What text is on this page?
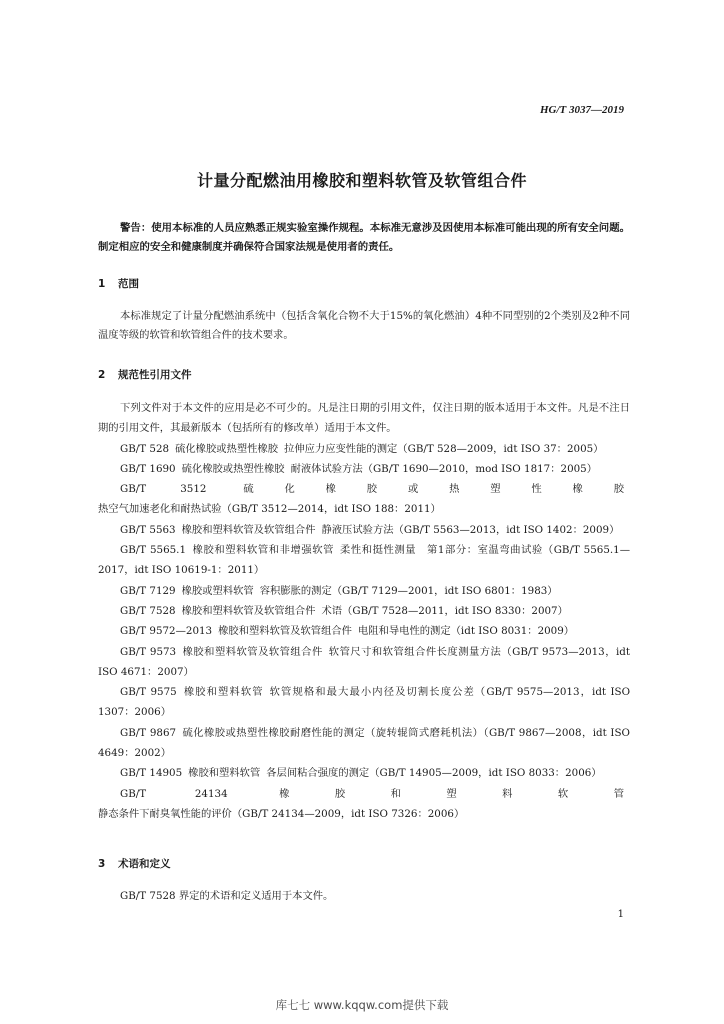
HG/T 3037—2019
计量分配燃油用橡胶和塑料软管及软管组合件
警告：使用本标准的人员应熟悉正规实验室操作规程。本标准无意涉及因使用本标准可能出现的所有安全问题。制定相应的安全和健康制度并确保符合国家法规是使用者的责任。
1 范围
本标准规定了计量分配燃油系统中（包括含氧化合物不大于15%的氧化燃油）4种不同型别的2个类别及2种不同温度等级的软管和软管组合件的技术要求。
2 规范性引用文件
下列文件对于本文件的应用是必不可少的。凡是注日期的引用文件，仅注日期的版本适用于本文件。凡是不注日期的引用文件，其最新版本（包括所有的修改单）适用于本文件。
GB/T 528 硫化橡胶或热塑性橡胶 拉伸应力应变性能的测定（GB/T 528—2009，idt ISO 37：2005）
GB/T 1690 硫化橡胶或热塑性橡胶 耐液体试验方法（GB/T 1690—2010，mod ISO 1817：2005）
GB/T 3512 硫化橡胶或热塑性橡胶热空气加速老化和耐热试验（GB/T 3512—2014，idt ISO 188：2011）
GB/T 5563 橡胶和塑料软管及软管组合件 静液压试验方法（GB/T 5563—2013，idt ISO 1402：2009）
GB/T 5565.1 橡胶和塑料软管和非增强软管 柔性和挺性测量　第1部分：室温弯曲试验（GB/T 5565.1—2017，idt ISO 10619-1：2011）
GB/T 7129 橡胶或塑料软管 容积膨胀的测定（GB/T 7129—2001，idt ISO 6801：1983）
GB/T 7528 橡胶和塑料软管及软管组合件 术语（GB/T 7528—2011，idt ISO 8330：2007）
GB/T 9572—2013 橡胶和塑料软管及软管组合件 电阻和导电性的测定（idt ISO 8031：2009）
GB/T 9573 橡胶和塑料软管及软管组合件 软管尺寸和软管组合件长度测量方法（GB/T 9573—2013，idt ISO 4671：2007）
GB/T 9575 橡胶和塑料软管 软管规格和最大最小内径及切割长度公差（GB/T 9575—2013，idt ISO 1307：2006）
GB/T 9867 硫化橡胶或热塑性橡胶耐磨性能的测定（旋转辊筒式磨耗机法）（GB/T 9867—2008，idt ISO 4649：2002）
GB/T 14905 橡胶和塑料软管 各层间粘合强度的测定（GB/T 14905—2009，idt ISO 8033：2006）
GB/T 24134 橡胶和塑料软管静态条件下耐臭氧性能的评价（GB/T 24134—2009，idt ISO 7326：2006）
3 术语和定义
GB/T 7528 界定的术语和定义适用于本文件。
1
库七七 www.kqqw.com提供下载
